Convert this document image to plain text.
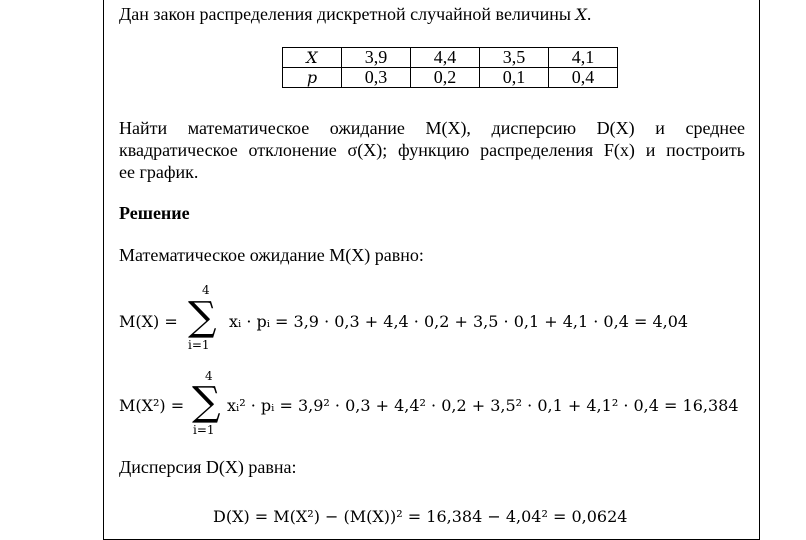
Дан закон распределения дискретной случайной величины X.
X	3,9	4,4	3,5	4,1
p	0,3	0,2	0,1	0,4
Найти математическое ожидание M(X), дисперсию D(X) и среднее
квадратическое отклонение σ(X); функцию распределения F(x) и построить
ее график.
Решение
Математическое ожидание M(X) равно:
M(X) =
4
∑
i=1
xᵢ · pᵢ = 3,9 · 0,3 + 4,4 · 0,2 + 3,5 · 0,1 + 4,1 · 0,4 = 4,04
M(X²) =
4
∑
i=1
xᵢ² · pᵢ = 3,9² · 0,3 + 4,4² · 0,2 + 3,5² · 0,1 + 4,1² · 0,4 = 16,384
Дисперсия D(X) равна:
D(X) = M(X²) − (M(X))² = 16,384 − 4,04² = 0,0624
